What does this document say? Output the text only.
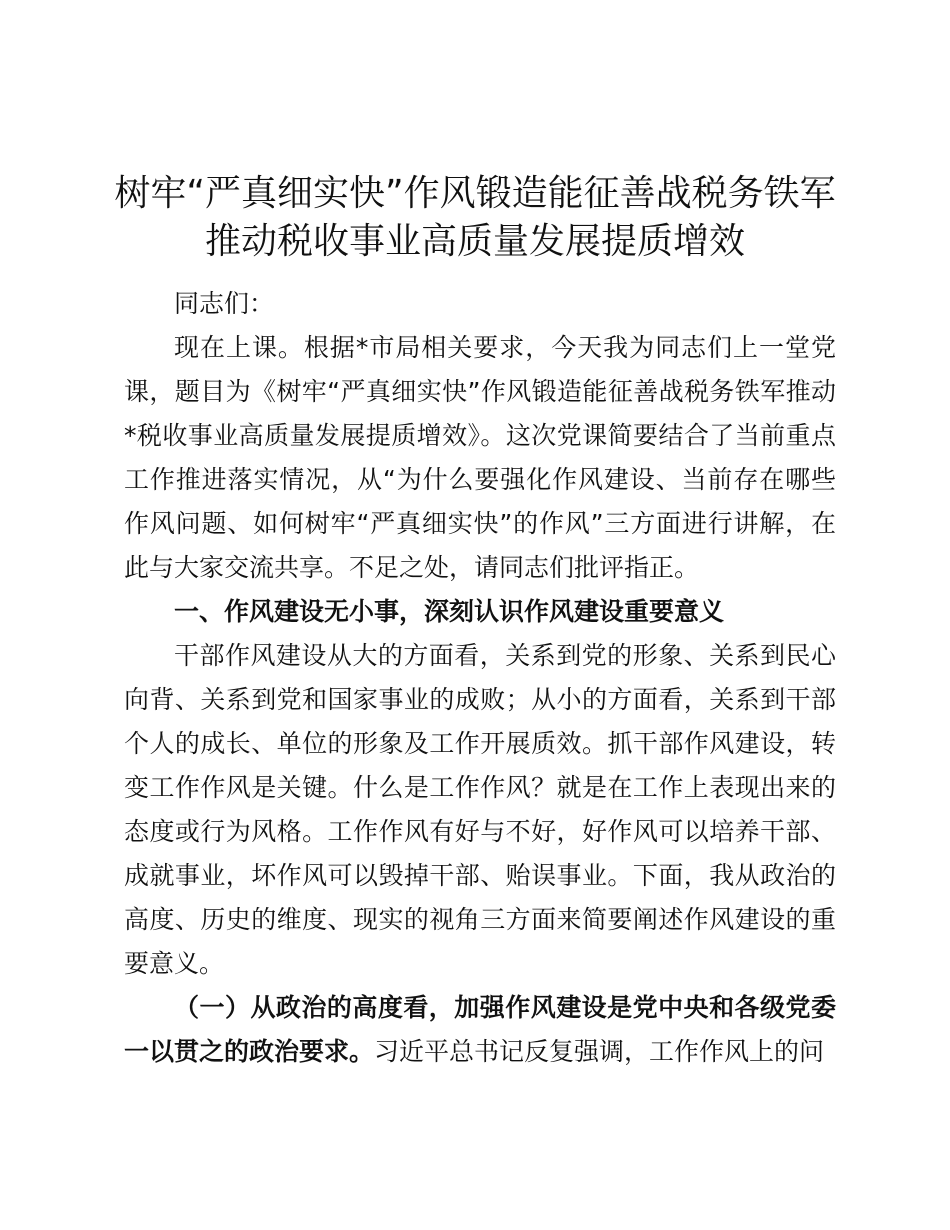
树牢“严真细实快”作风锻造能征善战税务铁军
推动税收事业高质量发展提质增效

同志们：

现在上课。根据*市局相关要求，今天我为同志们上一堂党课，题目为《树牢“严真细实快”作风锻造能征善战税务铁军推动*税收事业高质量发展提质增效》。这次党课简要结合了当前重点工作推进落实情况，从“为什么要强化作风建设、当前存在哪些作风问题、如何树牢“严真细实快”的作风”三方面进行讲解，在此与大家交流共享。不足之处，请同志们批评指正。

一、作风建设无小事，深刻认识作风建设重要意义

干部作风建设从大的方面看，关系到党的形象、关系到民心向背、关系到党和国家事业的成败；从小的方面看，关系到干部个人的成长、单位的形象及工作开展质效。抓干部作风建设，转变工作作风是关键。什么是工作作风？就是在工作上表现出来的态度或行为风格。工作作风有好与不好，好作风可以培养干部、成就事业，坏作风可以毁掉干部、贻误事业。下面，我从政治的高度、历史的维度、现实的视角三方面来简要阐述作风建设的重要意义。

（一）从政治的高度看，加强作风建设是党中央和各级党委一以贯之的政治要求。习近平总书记反复强调，工作作风上的问
